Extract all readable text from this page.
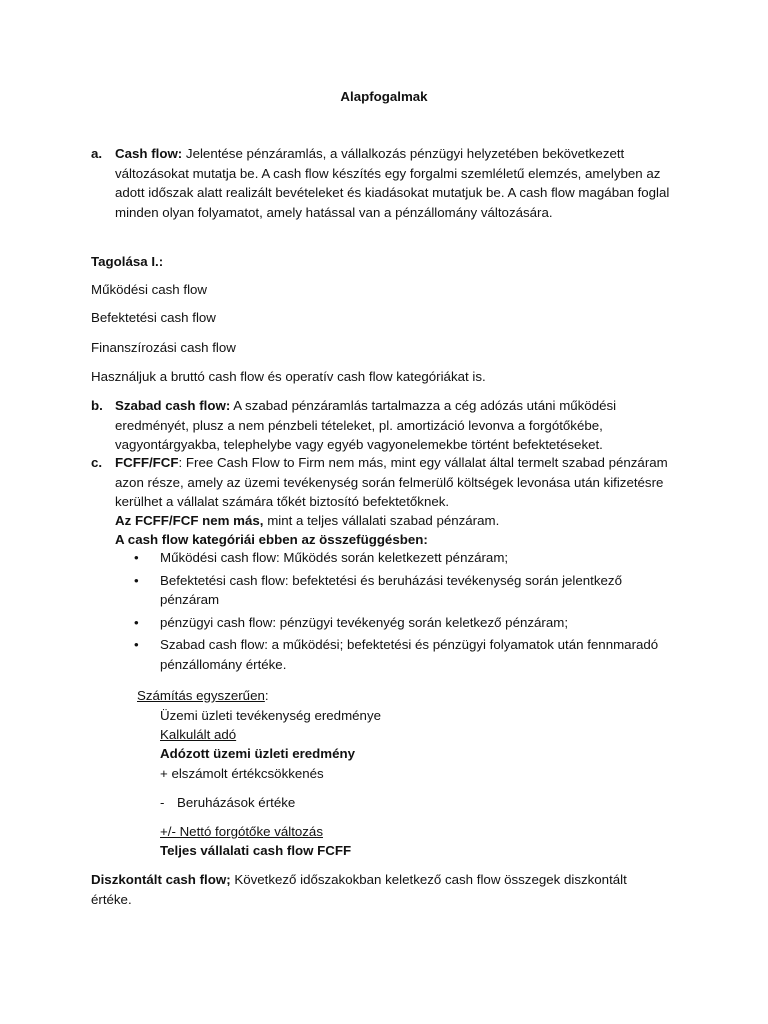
Alapfogalmak
a. Cash flow: Jelentése pénzáramlás, a vállalkozás pénzügyi helyzetében bekövetkezett változásokat mutatja be. A cash flow készítés egy forgalmi szemléletű elemzés, amelyben az adott időszak alatt realizált bevételeket és kiadásokat mutatjuk be. A cash flow magában foglal minden olyan folyamatot, amely hatással van a pénzállomány változására.
Tagolása I.:
Működési cash flow
Befektetési cash flow
Finanszírozási cash flow
Használjuk a bruttó cash flow és operatív cash flow kategóriákat is.
b. Szabad cash flow: A szabad pénzáramlás tartalmazza a cég adózás utáni működési eredményét, plusz a nem pénzbeli tételeket, pl. amortizáció levonva a forgótőkébe, vagyontárgyakba, telephelybe vagy egyéb vagyonelemekbe történt befektetéseket.
c. FCFF/FCF: Free Cash Flow to Firm nem más, mint egy vállalat által termelt szabad pénzáram azon része, amely az üzemi tevékenység során felmerülő költségek levonása után kifizetésre kerülhet a vállalat számára tőkét biztosító befektetőknek.
Az FCFF/FCF nem más, mint a teljes vállalati szabad pénzáram.
A cash flow kategóriái ebben az összefüggésben:
• Működési cash flow: Működés során keletkezett pénzáram;
• Befektetési cash flow: befektetési és beruházási tevékenység során jelentkező pénzáram
• pénzügyi cash flow: pénzügyi tevékenyég során keletkező pénzáram;
• Szabad cash flow: a működési; befektetési és pénzügyi folyamatok után fennmaradó pénzállomány értéke.
Számítás egyszerűen:
Üzemi üzleti tevékenység eredménye
Kalkulált adó
Adózott üzemi üzleti eredmény
+ elszámolt értékcsökkenés
- Beruházások értéke
+/- Nettó forgótőke változás
Teljes vállalati cash flow FCFF
Diszkontált cash flow; Következő időszakokban keletkező cash flow összegek diszkontált értéke.
